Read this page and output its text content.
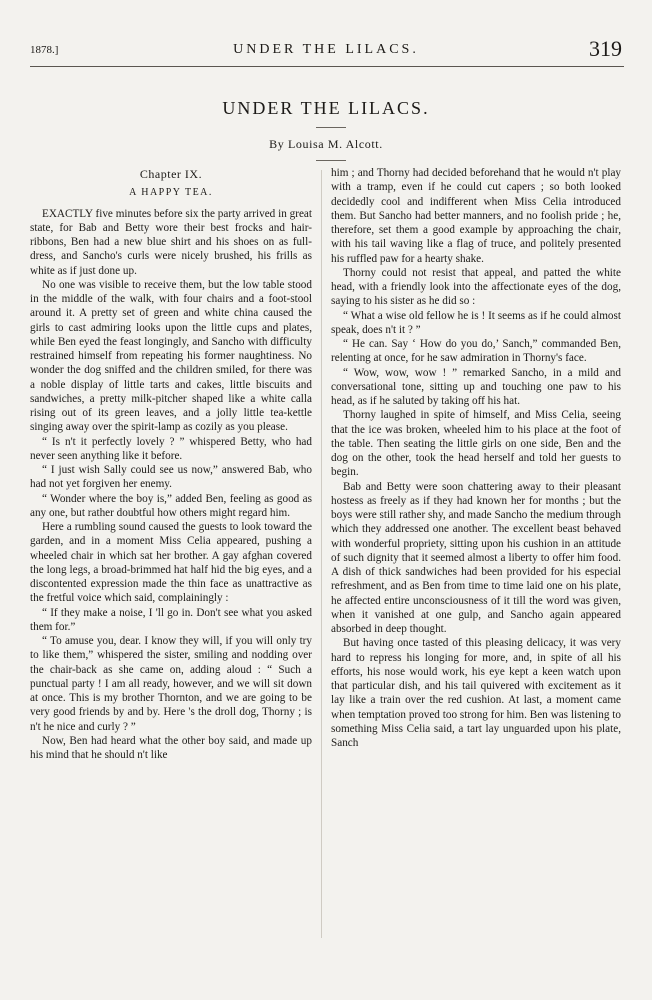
1878.]	UNDER THE LILACS.	319
UNDER THE LILACS.
By Louisa M. Alcott.
Chapter IX.
A HAPPY TEA.

EXACTLY five minutes before six the party arrived in great state, for Bab and Betty wore their best frocks and hair-ribbons, Ben had a new blue shirt and his shoes on as full-dress, and Sancho's curls were nicely brushed, his frills as white as if just done up.

No one was visible to receive them, but the low table stood in the middle of the walk, with four chairs and a foot-stool around it. A pretty set of green and white china caused the girls to cast admiring looks upon the little cups and plates, while Ben eyed the feast longingly, and Sancho with difficulty restrained himself from repeating his former naughtiness. No wonder the dog sniffed and the children smiled, for there was a noble display of little tarts and cakes, little biscuits and sandwiches, a pretty milk-pitcher shaped like a white calla rising out of its green leaves, and a jolly little tea-kettle singing away over the spirit-lamp as cozily as you please.

“ Is n't it perfectly lovely ? ” whispered Betty, who had never seen anything like it before.

“ I just wish Sally could see us now,” answered Bab, who had not yet forgiven her enemy.

“ Wonder where the boy is,” added Ben, feeling as good as any one, but rather doubtful how others might regard him.

Here a rumbling sound caused the guests to look toward the garden, and in a moment Miss Celia appeared, pushing a wheeled chair in which sat her brother. A gay afghan covered the long legs, a broad-brimmed hat half hid the big eyes, and a discontented expression made the thin face as unattractive as the fretful voice which said, complainingly :

“ If they make a noise, I 'll go in. Don't see what you asked them for.”

“ To amuse you, dear. I know they will, if you will only try to like them,” whispered the sister, smiling and nodding over the chair-back as she came on, adding aloud : “ Such a punctual party ! I am all ready, however, and we will sit down at once. This is my brother Thornton, and we are going to be very good friends by and by. Here 's the droll dog, Thorny ; is n't he nice and curly ? ”

Now, Ben had heard what the other boy said, and made up his mind that he should n't like

him ; and Thorny had decided beforehand that he would n't play with a tramp, even if he could cut capers ; so both looked decidedly cool and indifferent when Miss Celia introduced them. But Sancho had better manners, and no foolish pride ; he, therefore, set them a good example by approaching the chair, with his tail waving like a flag of truce, and politely presented his ruffled paw for a hearty shake.

Thorny could not resist that appeal, and patted the white head, with a friendly look into the affectionate eyes of the dog, saying to his sister as he did so :

“ What a wise old fellow he is ! It seems as if he could almost speak, does n't it ? ”

“ He can. Say ‘ How do you do,’ Sanch,” commanded Ben, relenting at once, for he saw admiration in Thorny's face.

“ Wow, wow, wow ! ” remarked Sancho, in a mild and conversational tone, sitting up and touching one paw to his head, as if he saluted by taking off his hat.

Thorny laughed in spite of himself, and Miss Celia, seeing that the ice was broken, wheeled him to his place at the foot of the table. Then seating the little girls on one side, Ben and the dog on the other, took the head herself and told her guests to begin.

Bab and Betty were soon chattering away to their pleasant hostess as freely as if they had known her for months ; but the boys were still rather shy, and made Sancho the medium through which they addressed one another. The excellent beast behaved with wonderful propriety, sitting upon his cushion in an attitude of such dignity that it seemed almost a liberty to offer him food. A dish of thick sandwiches had been provided for his especial refreshment, and as Ben from time to time laid one on his plate, he affected entire unconsciousness of it till the word was given, when it vanished at one gulp, and Sancho again appeared absorbed in deep thought.

But having once tasted of this pleasing delicacy, it was very hard to repress his longing for more, and, in spite of all his efforts, his nose would work, his eye kept a keen watch upon that particular dish, and his tail quivered with excitement as it lay like a train over the red cushion. At last, a moment came when temptation proved too strong for him. Ben was listening to something Miss Celia said, a tart lay unguarded upon his plate, Sanch
